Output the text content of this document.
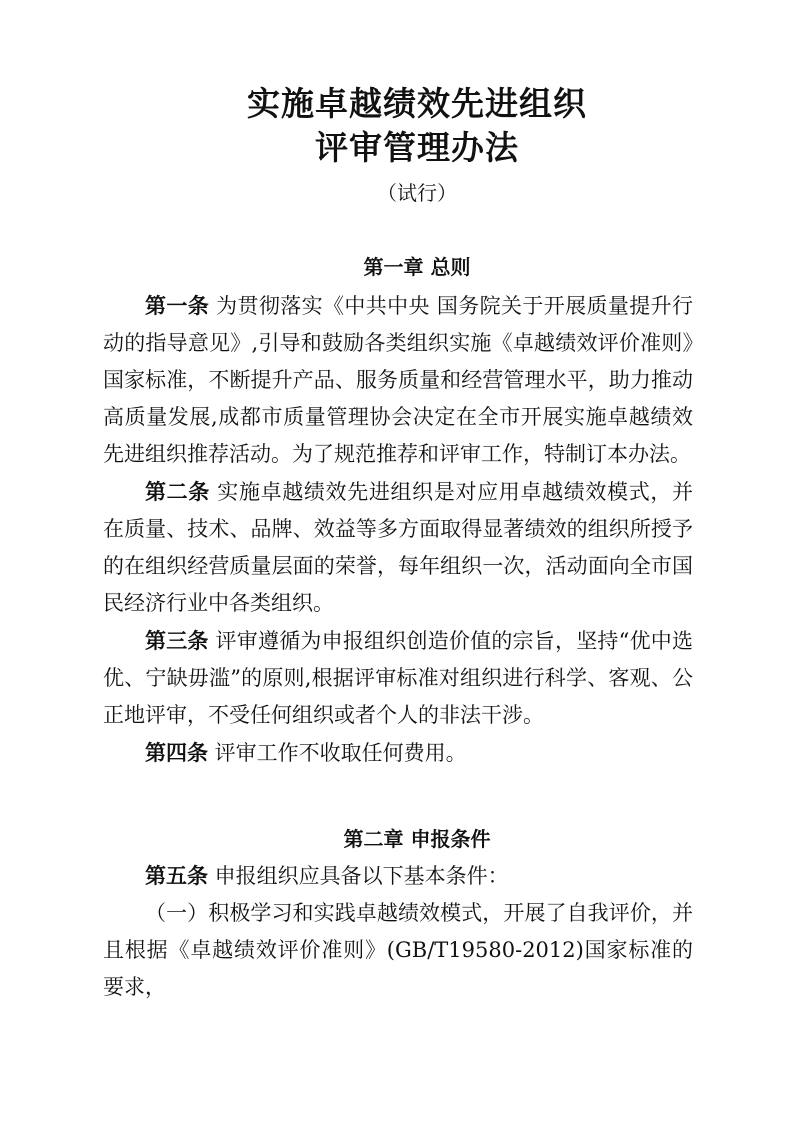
实施卓越绩效先进组织
评审管理办法
（试行）
第一章 总则

第一条 为贯彻落实《中共中央 国务院关于开展质量提升行动的指导意见》,引导和鼓励各类组织实施《卓越绩效评价准则》国家标准，不断提升产品、服务质量和经营管理水平，助力推动高质量发展,成都市质量管理协会决定在全市开展实施卓越绩效先进组织推荐活动。为了规范推荐和评审工作，特制订本办法。

第二条 实施卓越绩效先进组织是对应用卓越绩效模式，并在质量、技术、品牌、效益等多方面取得显著绩效的组织所授予的在组织经营质量层面的荣誉，每年组织一次，活动面向全市国民经济行业中各类组织。

第三条 评审遵循为申报组织创造价值的宗旨，坚持“优中选优、宁缺毋滥”的原则,根据评审标准对组织进行科学、客观、公正地评审，不受任何组织或者个人的非法干涉。

第四条 评审工作不收取任何费用。

第二章 申报条件

第五条 申报组织应具备以下基本条件：

（一）积极学习和实践卓越绩效模式，开展了自我评价，并且根据《卓越绩效评价准则》(GB/T19580-2012)国家标准的要求，
